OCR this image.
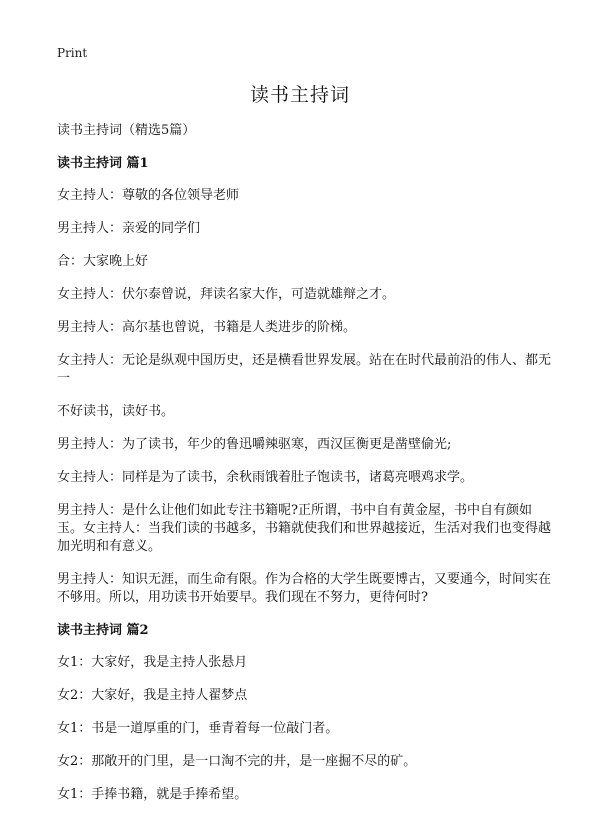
Print
读书主持词

读书主持词（精选5篇）

读书主持词 篇1

女主持人：尊敬的各位领导老师

男主持人：亲爱的同学们

合：大家晚上好

女主持人：伏尔泰曾说，拜读名家大作，可造就雄辩之才。

男主持人：高尔基也曾说，书籍是人类进步的阶梯。

女主持人：无论是纵观中国历史，还是横看世界发展。站在在时代最前沿的伟人、都无一

不好读书，读好书。

男主持人：为了读书，年少的鲁迅嚼辣驱寒，西汉匡衡更是凿壁偷光;

女主持人：同样是为了读书，余秋雨饿着肚子饱读书，诸葛亮喂鸡求学。

男主持人：是什么让他们如此专注书籍呢?正所谓，书中自有黄金屋，书中自有颜如玉。女主持人：当我们读的书越多，书籍就使我们和世界越接近，生活对我们也变得越加光明和有意义。

男主持人：知识无涯，而生命有限。作为合格的大学生既要博古，又要通今，时间实在不够用。所以，用功读书开始要早。我们现在不努力，更待何时?

读书主持词 篇2

女1：大家好，我是主持人张悬月

女2：大家好，我是主持人翟梦点

女1：书是一道厚重的门，垂青着每一位敲门者。

女2：那敞开的门里，是一口淘不完的井，是一座掘不尽的矿。

女1：手捧书籍，就是手捧希望。
